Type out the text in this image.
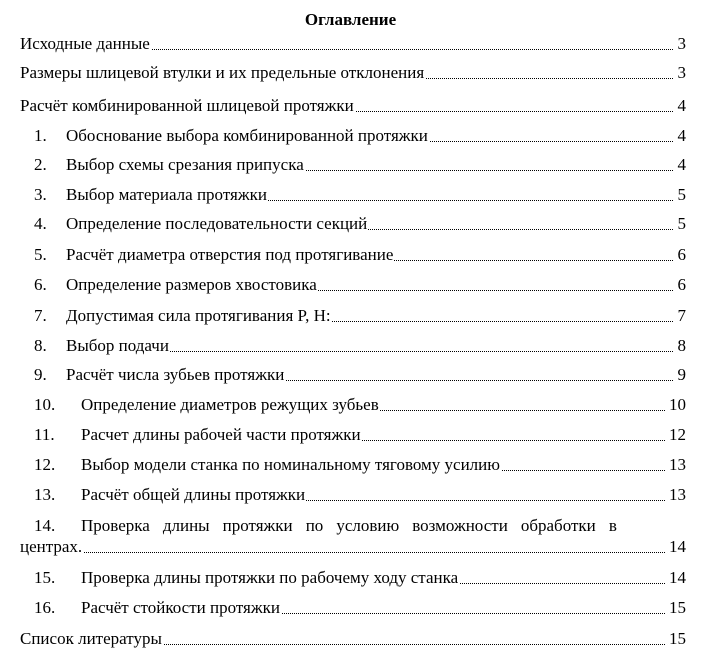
Оглавление
Исходные данные	3
Размеры шлицевой втулки и их предельные отклонения	3
Расчёт комбинированной шлицевой протяжки	4
1. Обоснование выбора комбинированной протяжки	4
2. Выбор схемы срезания припуска	4
3. Выбор материала протяжки	5
4. Определение последовательности секций	5
5. Расчёт диаметра отверстия под протягивание	6
6. Определение размеров хвостовика	6
7. Допустимая сила протягивания P, H:	7
8. Выбор подачи	8
9. Расчёт числа зубьев протяжки	9
10. Определение диаметров режущих зубьев	10
11. Расчет длины рабочей части протяжки	12
12. Выбор модели станка по номинальному тяговому усилию	13
13. Расчёт общей длины протяжки	13
14. Проверка длины протяжки по условию возможности обработки в
центрах.	14
15. Проверка длины протяжки по рабочему ходу станка	14
16. Расчёт стойкости протяжки	15
Список литературы	15
